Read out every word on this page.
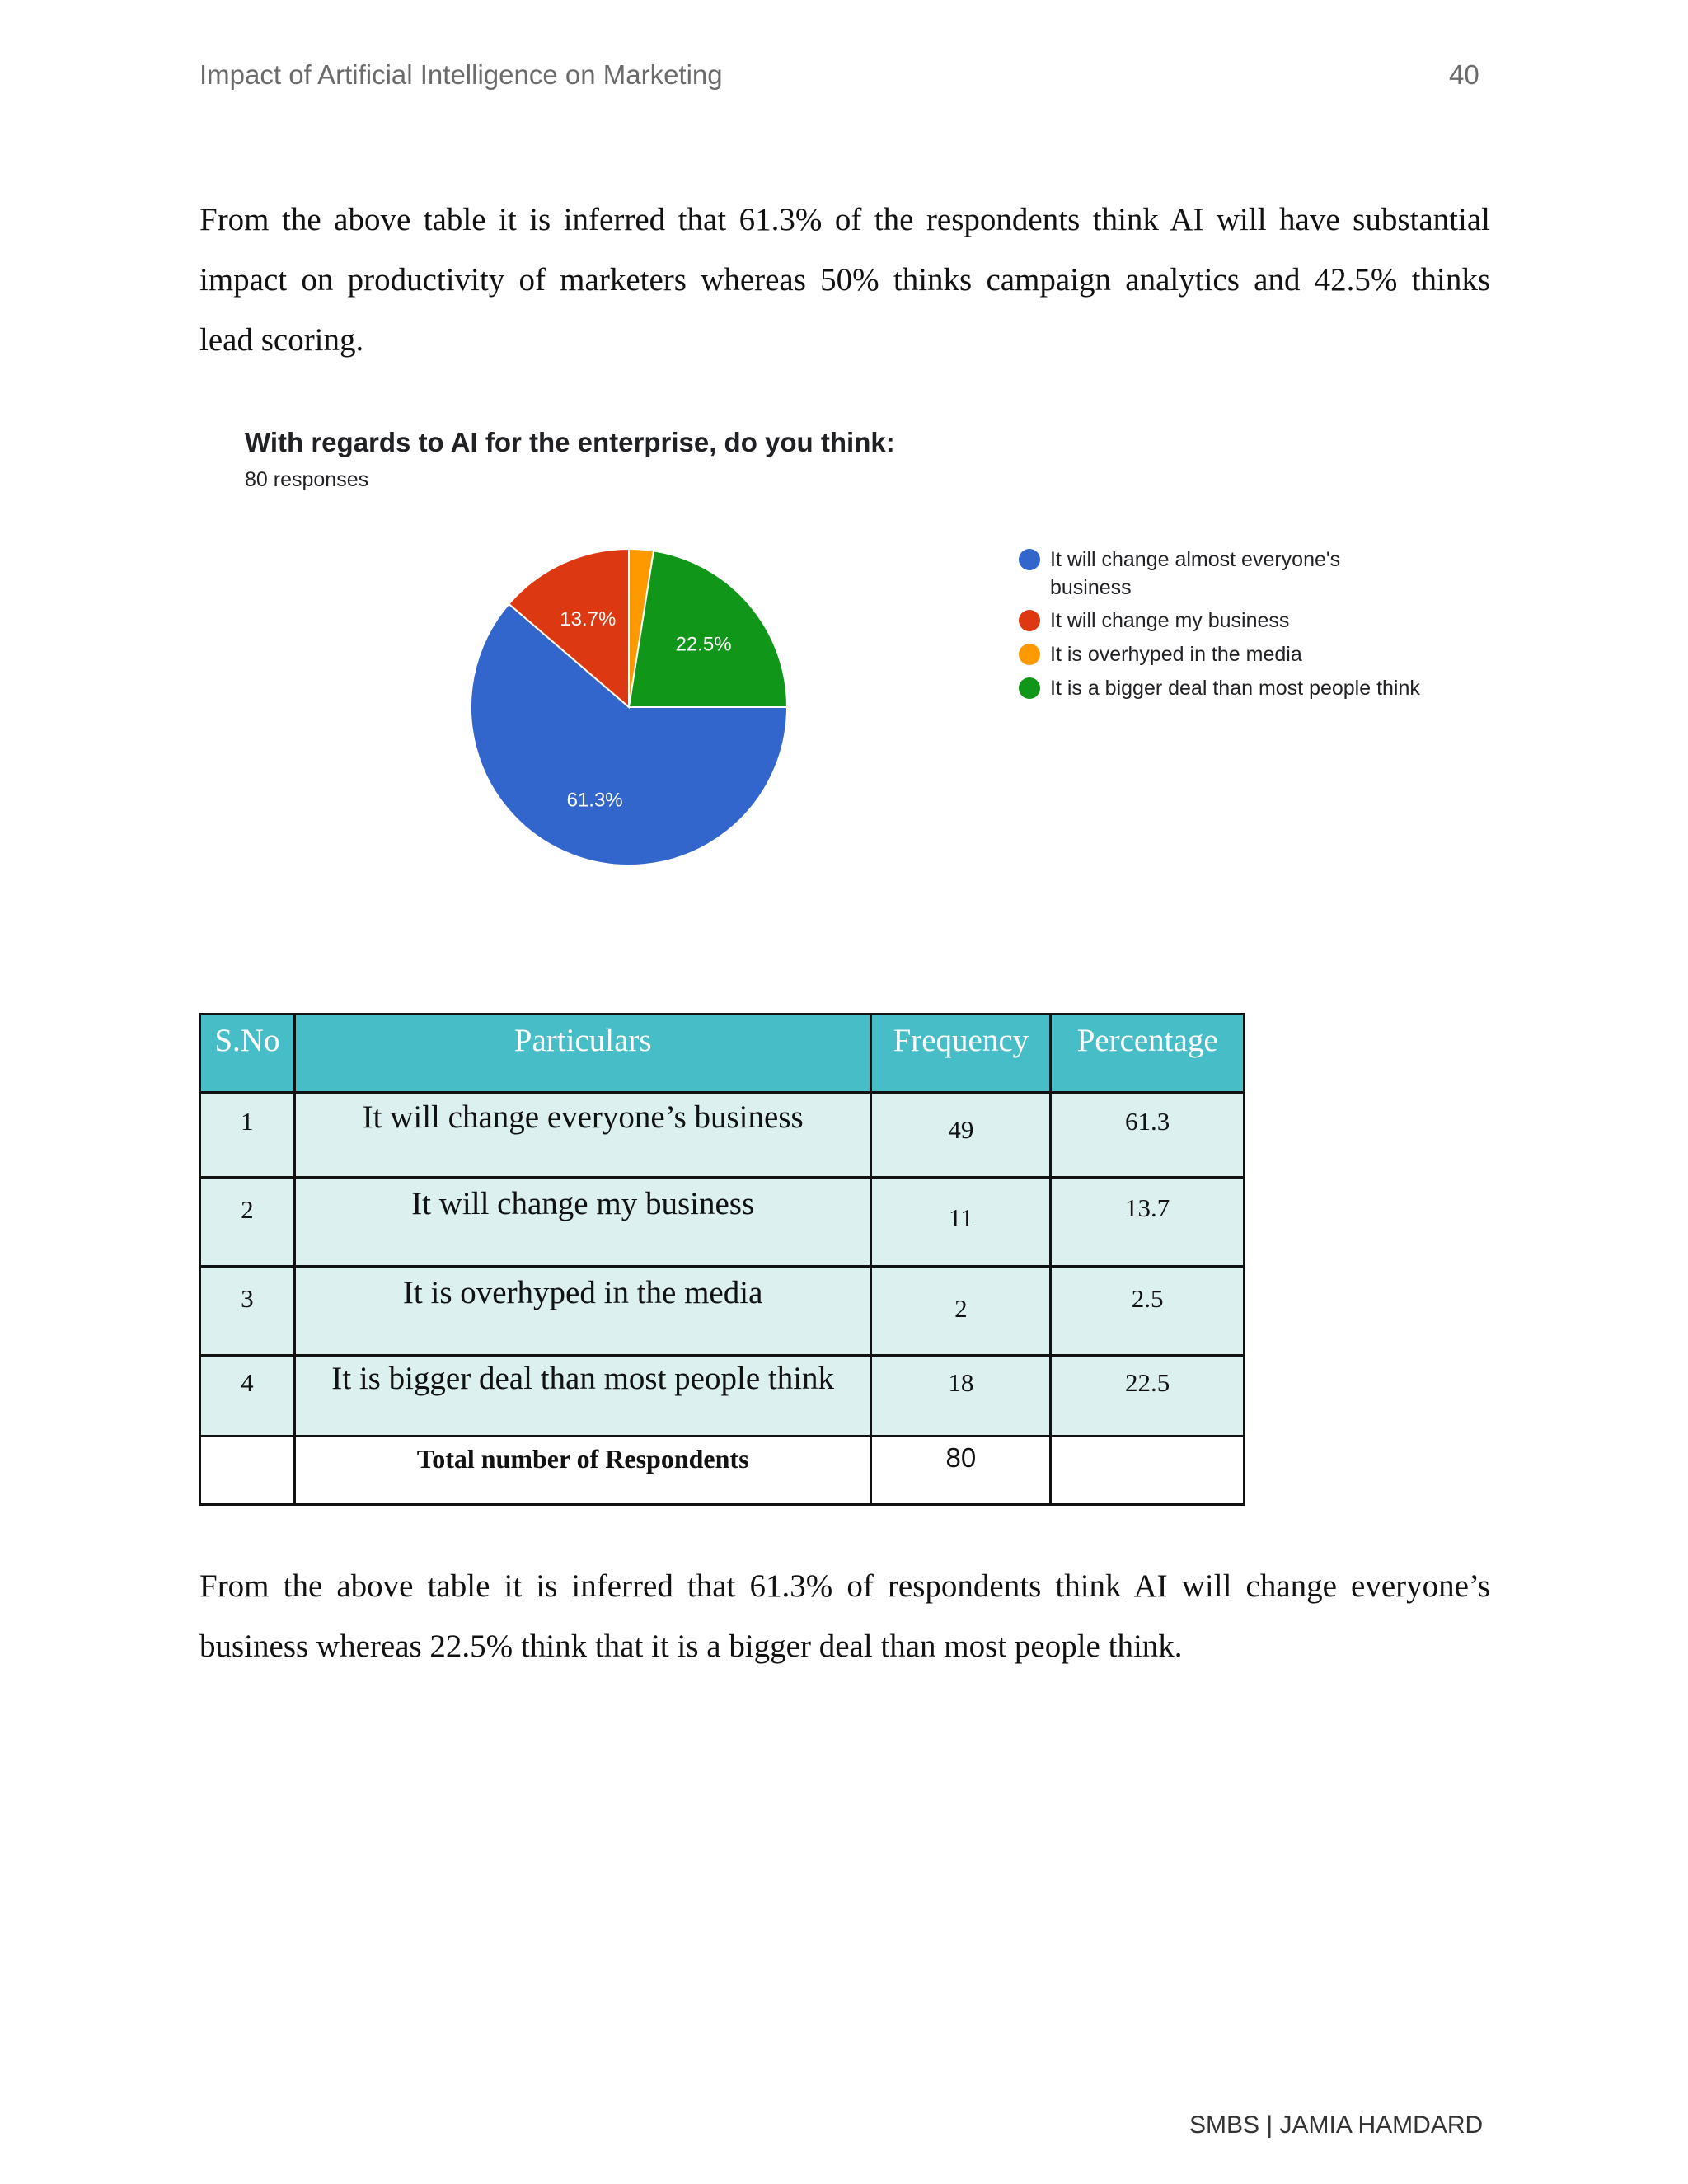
Impact of Artificial Intelligence on Marketing	40
From the above table it is inferred that 61.3% of the respondents think AI will have substantial
impact on productivity of marketers whereas 50% thinks campaign analytics and 42.5% thinks
lead scoring.
With regards to AI for the enterprise, do you think:
80 responses
61.3%
13.7%
22.5%
It will change almost everyone's
business
It will change my business
It is overhyped in the media
It is a bigger deal than most people think
S.No	Particulars	Frequency	Percentage
1	It will change everyone’s business	49	61.3
2	It will change my business	11	13.7
3	It is overhyped in the media	2	2.5
4	It is bigger deal than most people think	18	22.5
	Total number of Respondents	80	
From the above table it is inferred that 61.3% of respondents think AI will change everyone’s
business whereas 22.5% think that it is a bigger deal than most people think.
SMBS | JAMIA HAMDARD
